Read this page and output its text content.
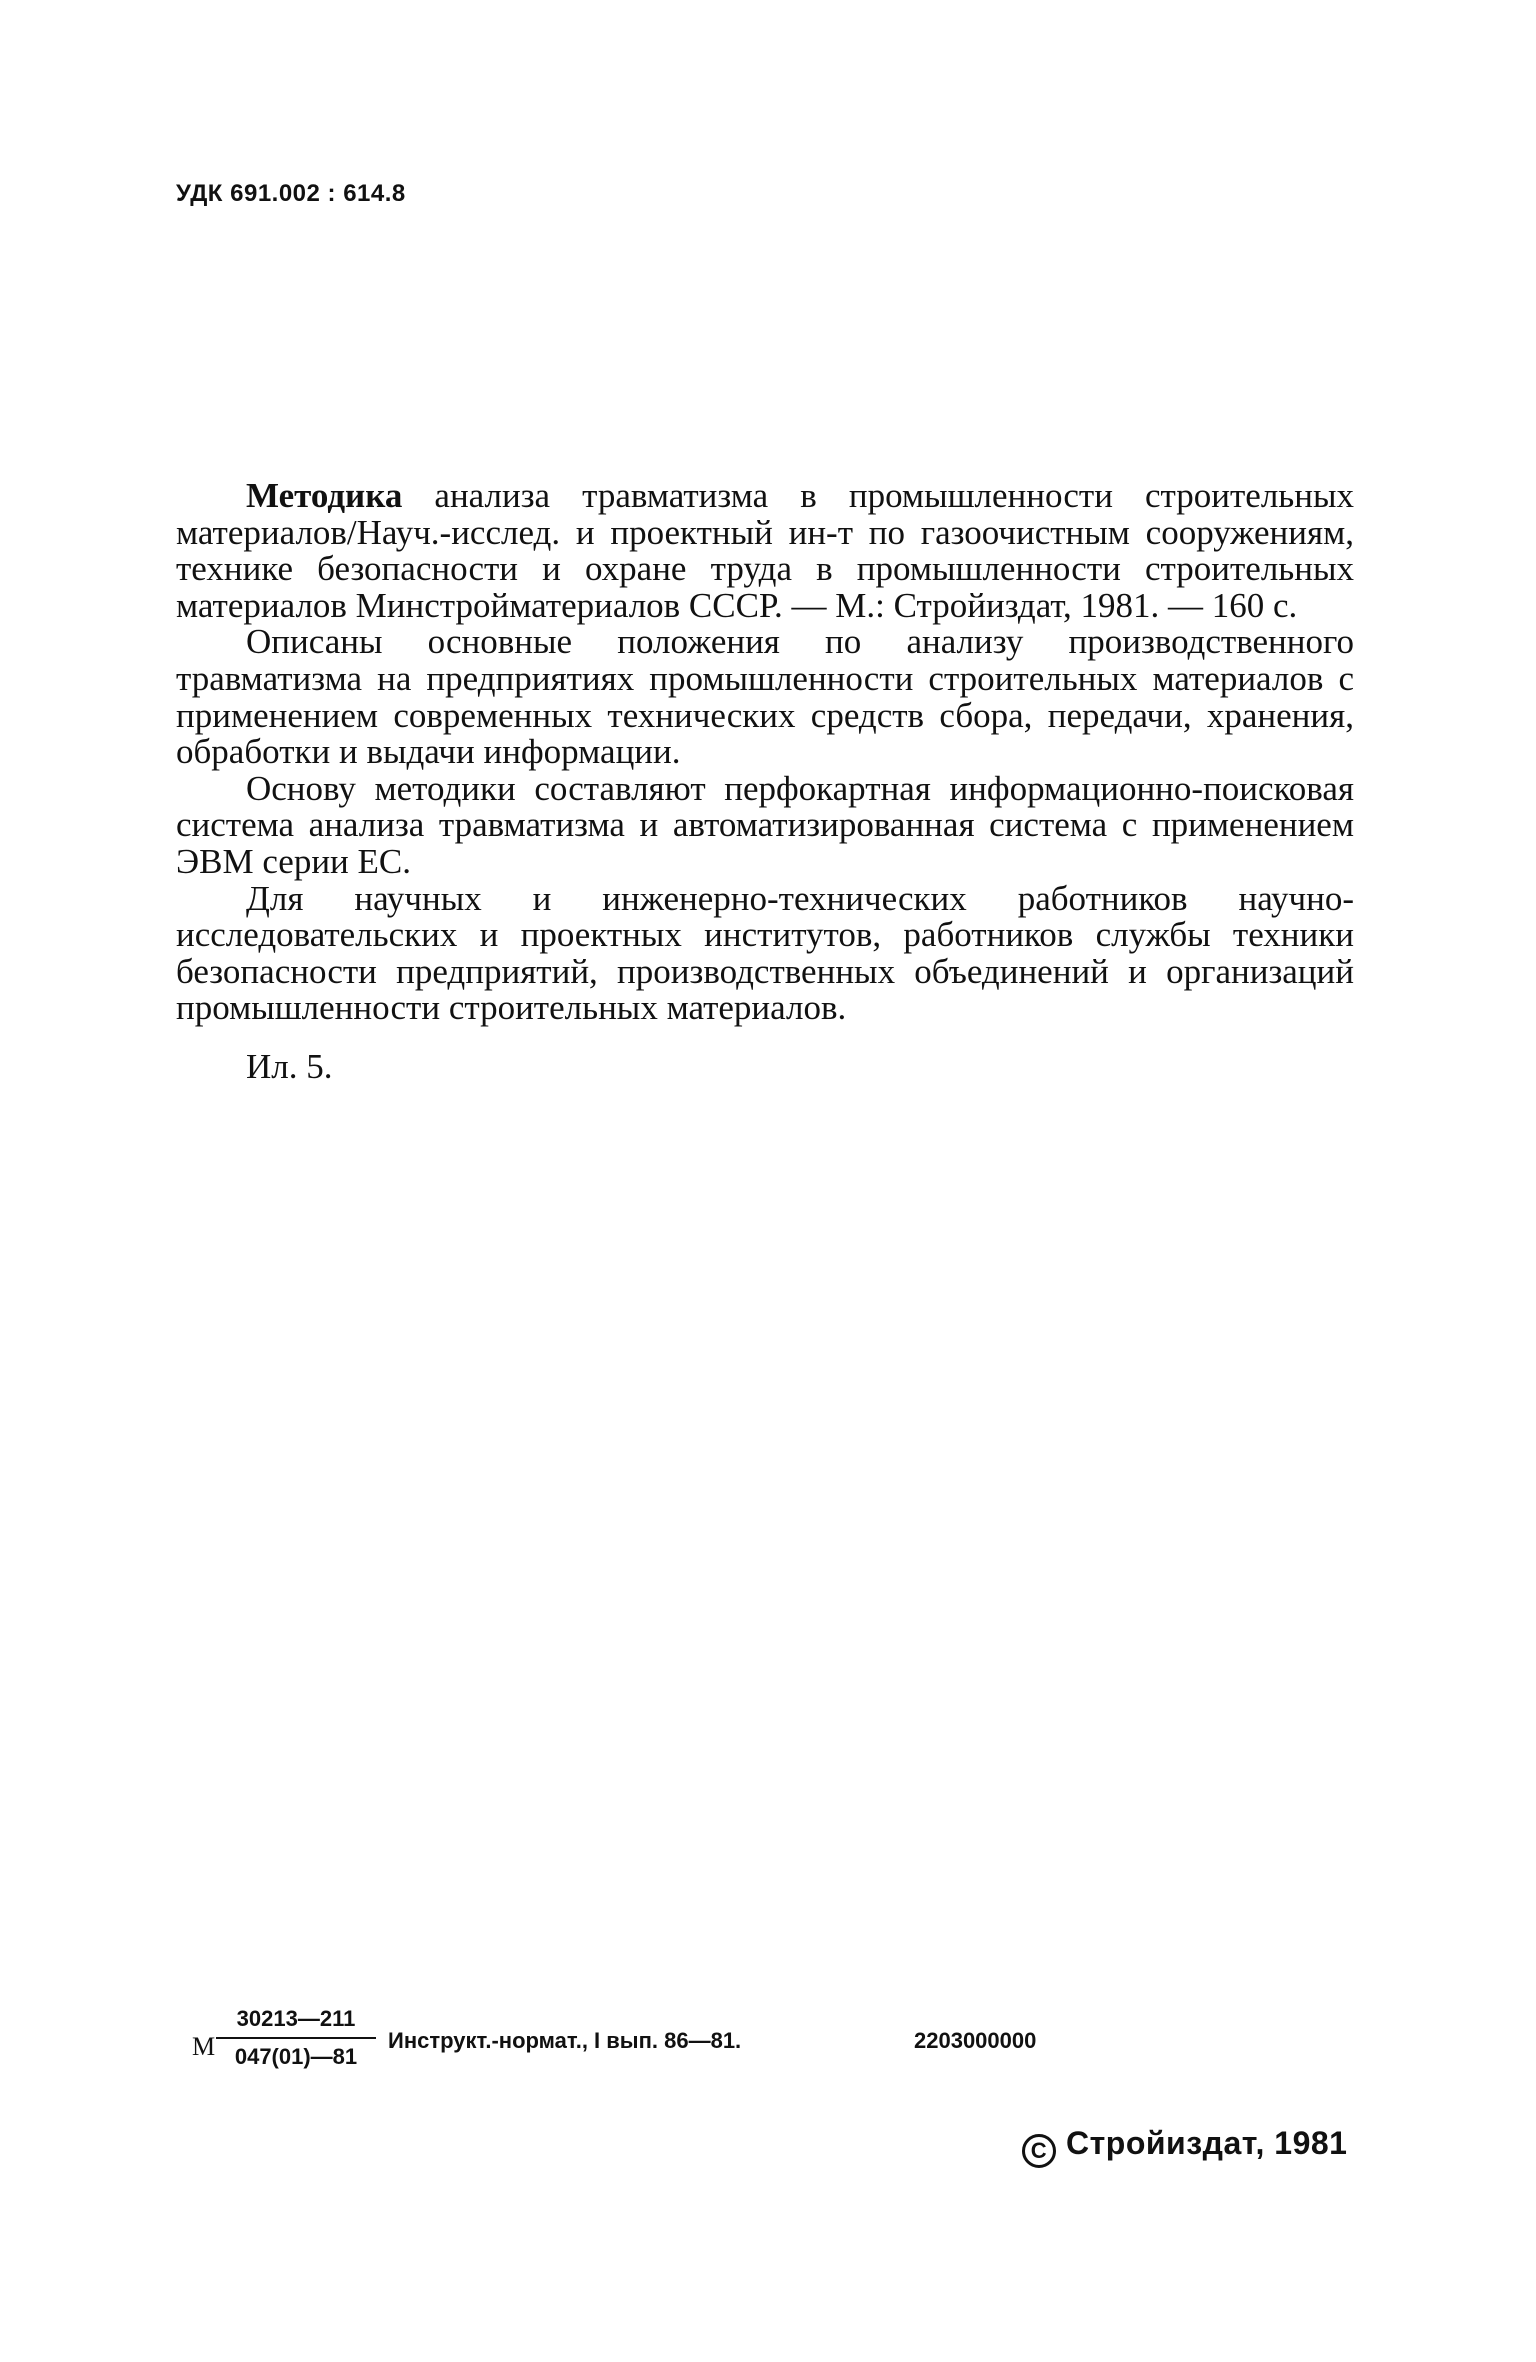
УДК 691.002 : 614.8

Методика анализа травматизма в промышленности строительных материалов/Науч.-исслед. и проектный ин-т по газоочистным сооружениям, технике безопасности и охране труда в промышленности строительных материалов Минстройматериалов СССР. — М.: Стройиздат, 1981. — 160 с.

Описаны основные положения по анализу производственного травматизма на предприятиях промышленности строительных материалов с применением современных технических средств сбора, передачи, хранения, обработки и выдачи информации.

Основу методики составляют перфокартная информационно-поисковая система анализа травматизма и автоматизированная система с применением ЭВМ серии ЕС.

Для научных и инженерно-технических работников научно-исследовательских и проектных институтов, работников службы техники безопасности предприятий, производственных объединений и организаций промышленности строительных материалов.

Ил. 5.

М
30213—211
047(01)—81
Инструкт.-нормат., I вып. 86—81.	2203000000
C Стройиздат, 1981
